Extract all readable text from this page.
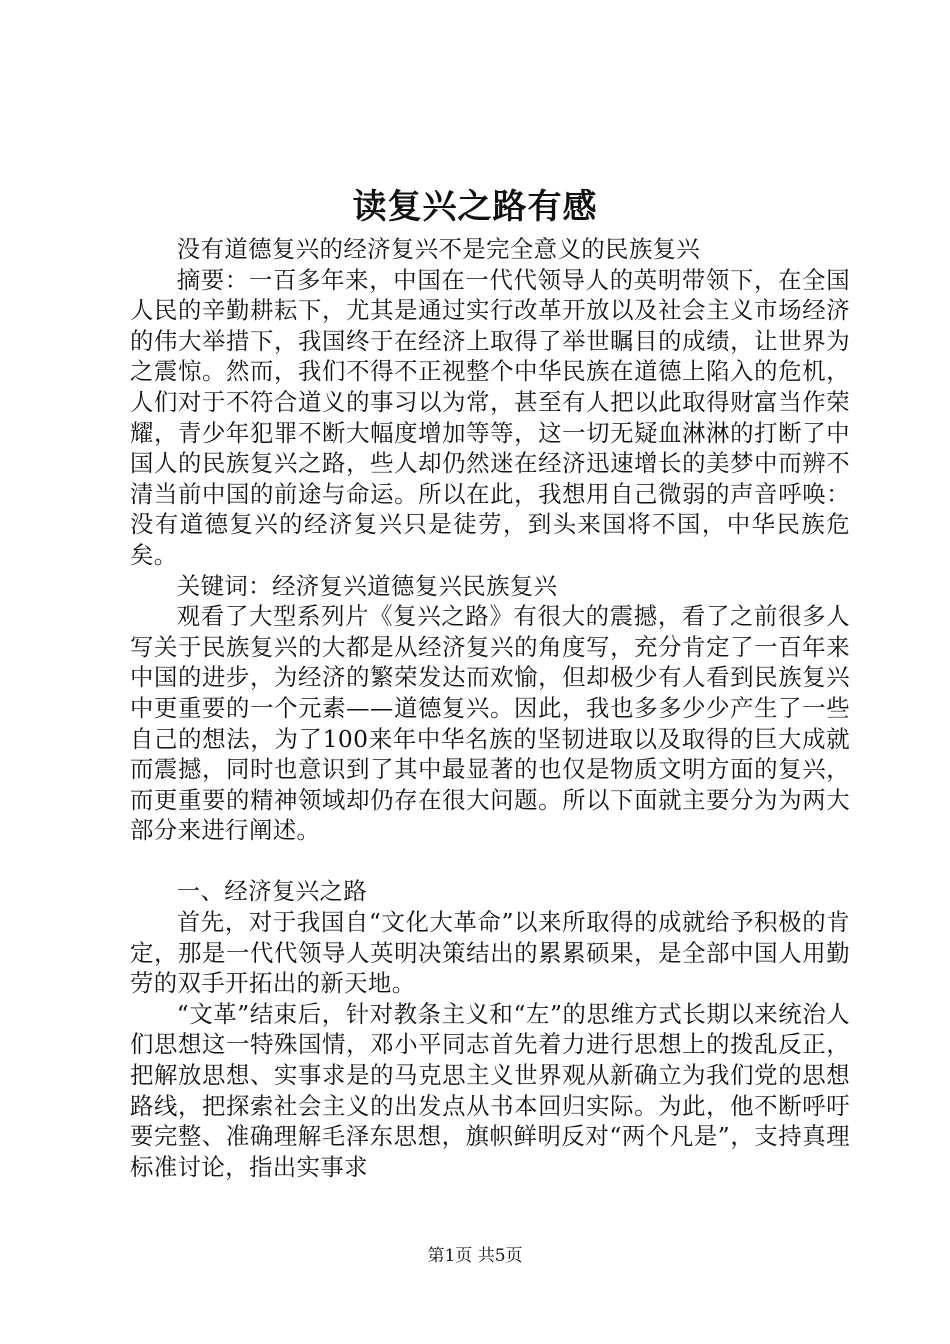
读复兴之路有感

没有道德复兴的经济复兴不是完全意义的民族复兴

摘要：一百多年来，中国在一代代领导人的英明带领下，在全国人民的辛勤耕耘下，尤其是通过实行改革开放以及社会主义市场经济的伟大举措下，我国终于在经济上取得了举世瞩目的成绩，让世界为之震惊。然而，我们不得不正视整个中华民族在道德上陷入的危机，人们对于不符合道义的事习以为常，甚至有人把以此取得财富当作荣耀，青少年犯罪不断大幅度增加等等，这一切无疑血淋淋的打断了中国人的民族复兴之路，些人却仍然迷在经济迅速增长的美梦中而辨不清当前中国的前途与命运。所以在此，我想用自己微弱的声音呼唤：没有道德复兴的经济复兴只是徒劳，到头来国将不国，中华民族危矣。

关键词：经济复兴道德复兴民族复兴

观看了大型系列片《复兴之路》有很大的震撼，看了之前很多人写关于民族复兴的大都是从经济复兴的角度写，充分肯定了一百年来中国的进步，为经济的繁荣发达而欢愉，但却极少有人看到民族复兴中更重要的一个元素——道德复兴。因此，我也多多少少产生了一些自己的想法，为了100来年中华名族的坚韧进取以及取得的巨大成就而震撼，同时也意识到了其中最显著的也仅是物质文明方面的复兴，而更重要的精神领域却仍存在很大问题。所以下面就主要分为为两大部分来进行阐述。

一、经济复兴之路

首先，对于我国自“文化大革命”以来所取得的成就给予积极的肯定，那是一代代领导人英明决策结出的累累硕果，是全部中国人用勤劳的双手开拓出的新天地。

“文革”结束后，针对教条主义和“左”的思维方式长期以来统治人们思想这一特殊国情，邓小平同志首先着力进行思想上的拨乱反正，把解放思想、实事求是的马克思主义世界观从新确立为我们党的思想路线，把探索社会主义的出发点从书本回归实际。为此，他不断呼吁要完整、准确理解毛泽东思想，旗帜鲜明反对“两个凡是”，支持真理标准讨论，指出实事求

第1页 共5页
